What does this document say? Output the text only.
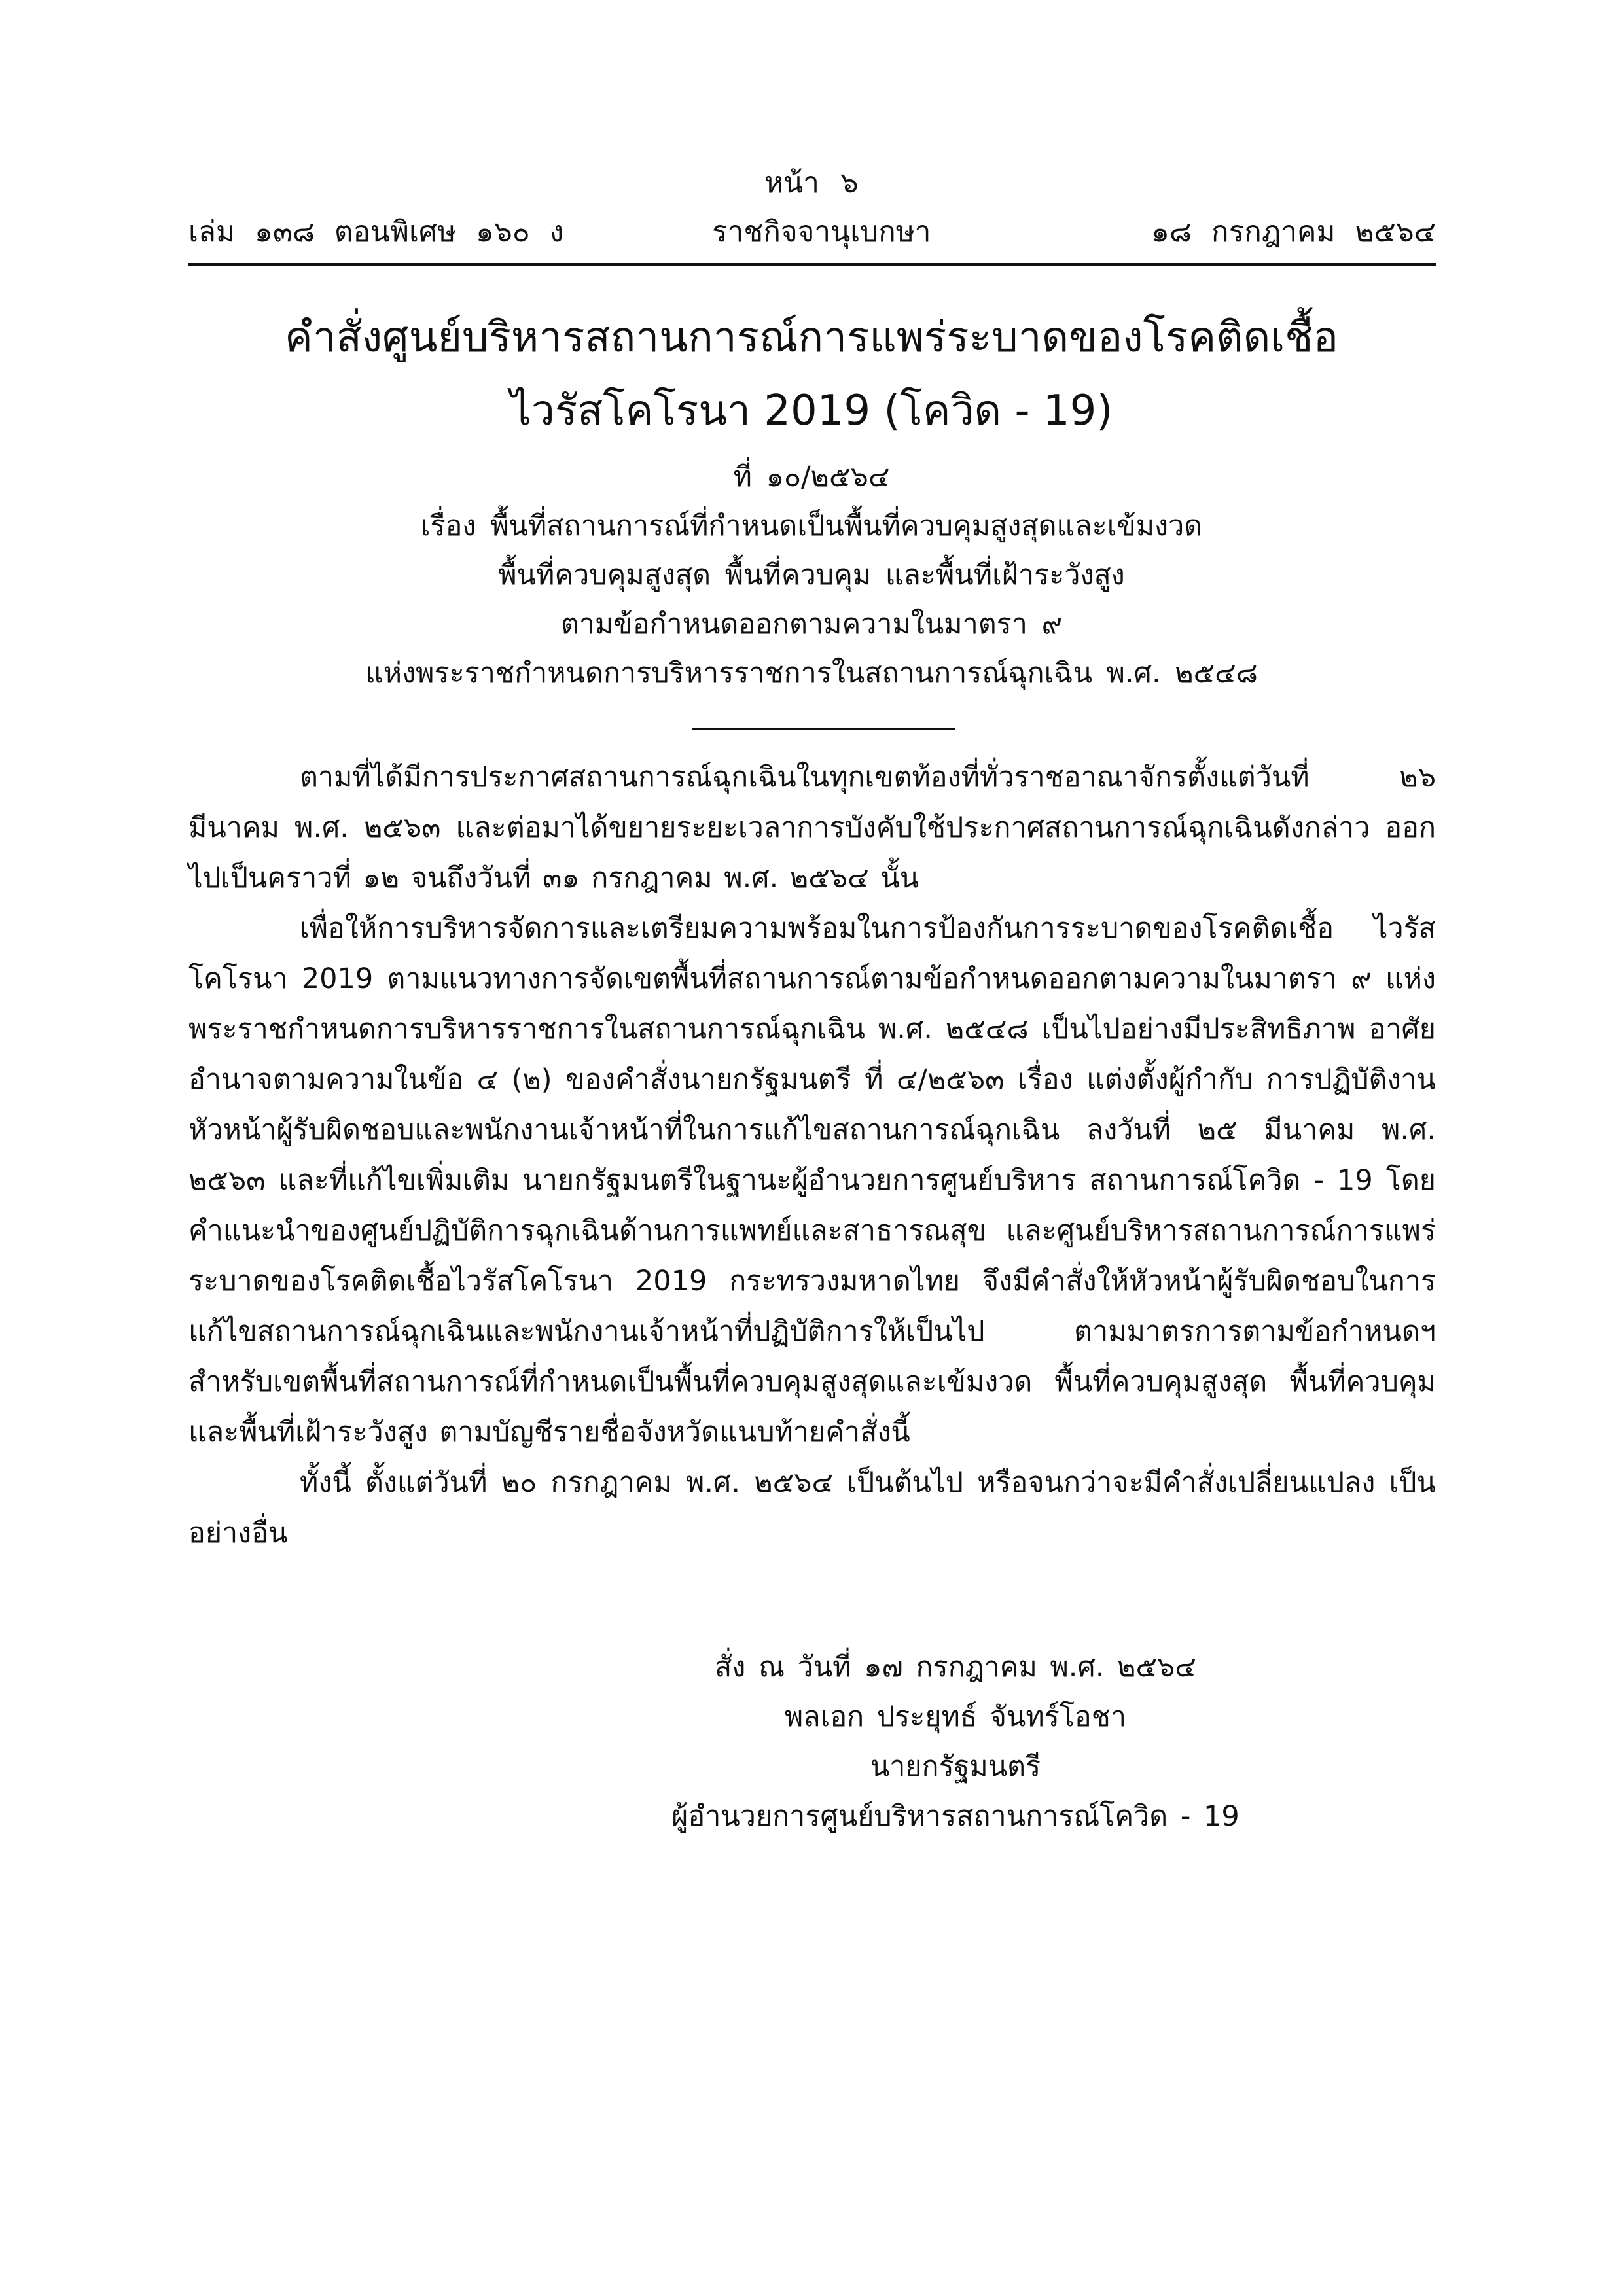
หน้า ๖
เล่ม ๑๓๘ ตอนพิเศษ ๑๖๐ ง	ราชกิจจานุเบกษา	๑๘ กรกฎาคม ๒๕๖๔
คำสั่งศูนย์บริหารสถานการณ์การแพร่ระบาดของโรคติดเชื้อ
ไวรัสโคโรนา 2019 (โควิด - 19)
ที่ ๑๐/๒๕๖๔
เรื่อง พื้นที่สถานการณ์ที่กำหนดเป็นพื้นที่ควบคุมสูงสุดและเข้มงวด
พื้นที่ควบคุมสูงสุด พื้นที่ควบคุม และพื้นที่เฝ้าระวังสูง
ตามข้อกำหนดออกตามความในมาตรา ๙
แห่งพระราชกำหนดการบริหารราชการในสถานการณ์ฉุกเฉิน พ.ศ. ๒๕๔๘

ตามที่ได้มีการประกาศสถานการณ์ฉุกเฉินในทุกเขตท้องที่ทั่วราชอาณาจักรตั้งแต่วันที่ ๒๖ มีนาคม พ.ศ. ๒๕๖๓ และต่อมาได้ขยายระยะเวลาการบังคับใช้ประกาศสถานการณ์ฉุกเฉินดังกล่าว ออกไปเป็นคราวที่ ๑๒ จนถึงวันที่ ๓๑ กรกฎาคม พ.ศ. ๒๕๖๔ นั้น

เพื่อให้การบริหารจัดการและเตรียมความพร้อมในการป้องกันการระบาดของโรคติดเชื้อ ไวรัสโคโรนา 2019 ตามแนวทางการจัดเขตพื้นที่สถานการณ์ตามข้อกำหนดออกตามความในมาตรา ๙ แห่งพระราชกำหนดการบริหารราชการในสถานการณ์ฉุกเฉิน พ.ศ. ๒๕๔๘ เป็นไปอย่างมีประสิทธิภาพ อาศัยอำนาจตามความในข้อ ๔ (๒) ของคำสั่งนายกรัฐมนตรี ที่ ๔/๒๕๖๓ เรื่อง แต่งตั้งผู้กำกับ การปฏิบัติงาน หัวหน้าผู้รับผิดชอบและพนักงานเจ้าหน้าที่ในการแก้ไขสถานการณ์ฉุกเฉิน ลงวันที่ ๒๕ มีนาคม พ.ศ. ๒๕๖๓ และที่แก้ไขเพิ่มเติม นายกรัฐมนตรีในฐานะผู้อำนวยการศูนย์บริหาร สถานการณ์โควิด - 19 โดยคำแนะนำของศูนย์ปฏิบัติการฉุกเฉินด้านการแพทย์และสาธารณสุข และศูนย์บริหารสถานการณ์การแพร่ระบาดของโรคติดเชื้อไวรัสโคโรนา 2019 กระทรวงมหาดไทย จึงมีคำสั่งให้หัวหน้าผู้รับผิดชอบในการแก้ไขสถานการณ์ฉุกเฉินและพนักงานเจ้าหน้าที่ปฏิบัติการให้เป็นไป ตามมาตรการตามข้อกำหนดฯ สำหรับเขตพื้นที่สถานการณ์ที่กำหนดเป็นพื้นที่ควบคุมสูงสุดและเข้มงวด พื้นที่ควบคุมสูงสุด พื้นที่ควบคุม และพื้นที่เฝ้าระวังสูง ตามบัญชีรายชื่อจังหวัดแนบท้ายคำสั่งนี้

ทั้งนี้ ตั้งแต่วันที่ ๒๐ กรกฎาคม พ.ศ. ๒๕๖๔ เป็นต้นไป หรือจนกว่าจะมีคำสั่งเปลี่ยนแปลง เป็นอย่างอื่น

สั่ง ณ วันที่ ๑๗ กรกฎาคม พ.ศ. ๒๕๖๔
พลเอก ประยุทธ์ จันทร์โอชา
นายกรัฐมนตรี
ผู้อำนวยการศูนย์บริหารสถานการณ์โควิด - 19
